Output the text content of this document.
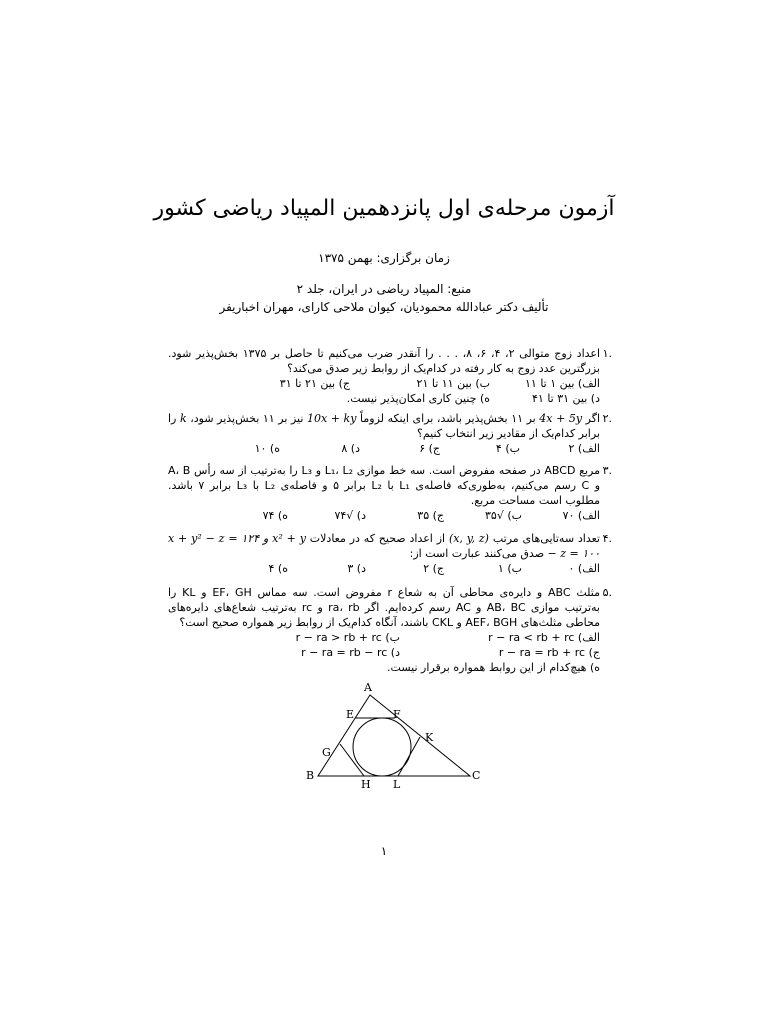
آزمون مرحله‌ی اول پانزدهمین المپیاد ریاضی کشور
زمان برگزاری: بهمن ۱۳۷۵
منبع: المپیاد ریاضی در ایران، جلد ۲
تألیف دکتر عبادالله محمودیان، کیوان ملاحی کارای، مهران اخباریفر
۱.
اعداد زوج متوالی ۲، ۴، ۶، ۸، . . . را آنقدر ضرب می‌کنیم تا حاصل بر ۱۳۷۵ بخش‌پذیر شود. بزرگترین عدد زوج به کار رفته در کدام‌یک از روابط زیر صدق می‌کند؟
الف) بین ۱ تا ۱۱
ب) بین ۱۱ تا ۲۱
ج) بین ۲۱ تا ۳۱
د) بین ۳۱ تا ۴۱
ه) چنین کاری امکان‌پذیر نیست.
۲.
اگر 4x + 5y بر ۱۱ بخش‌پذیر باشد، برای اینکه لزوماً 10x + ky نیز بر ۱۱ بخش‌پذیر شود، k را برابر کدام‌یک از مقادیر زیر انتخاب کنیم؟
الف) ۲
ب) ۴
ج) ۶
د) ۸
ه) ۱۰
۳.
مربع ABCD در صفحه مفروض است. سه خط موازی L₁، L₂ و L₃ را به‌ترتیب از سه رأس A، B و C رسم می‌کنیم، به‌طوری‌که فاصله‌ی L₁ با L₂ برابر ۵ و فاصله‌ی L₂ با L₃ برابر ۷ باشد. مطلوب است مساحت مربع.
الف) ۷۰
ب) √۳۵
ج) ۳۵
د) √۷۴
ه) ۷۴
۴.
تعداد سه‌تایی‌های مرتب (x, y, z) از اعداد صحیح که در معادلات x + y² − z = ۱۲۴ و x² + y − z = ۱۰۰ صدق می‌کنند عبارت است از:
الف) ۰
ب) ۱
ج) ۲
د) ۳
ه) ۴
۵.
مثلث ABC و دایره‌ی محاطی آن به شعاع r مفروض است. سه مماس EF، GH و KL را به‌ترتیب موازی AB، BC و AC رسم کرده‌ایم. اگر ra، rb و rc به‌ترتیب شعاع‌های دایره‌های محاطی مثلث‌های AEF، BGH و CKL باشند، آنگاه کدام‌یک از روابط زیر همواره صحیح است؟
الف) r − ra < rb + rc
ب) r − ra > rb + rc
ج) r − ra = rb + rc
د) r − ra = rb − rc
ه) هیچ‌کدام از این روابط همواره برقرار نیست.
A
E	F
K
G
B
H L
C
۱
